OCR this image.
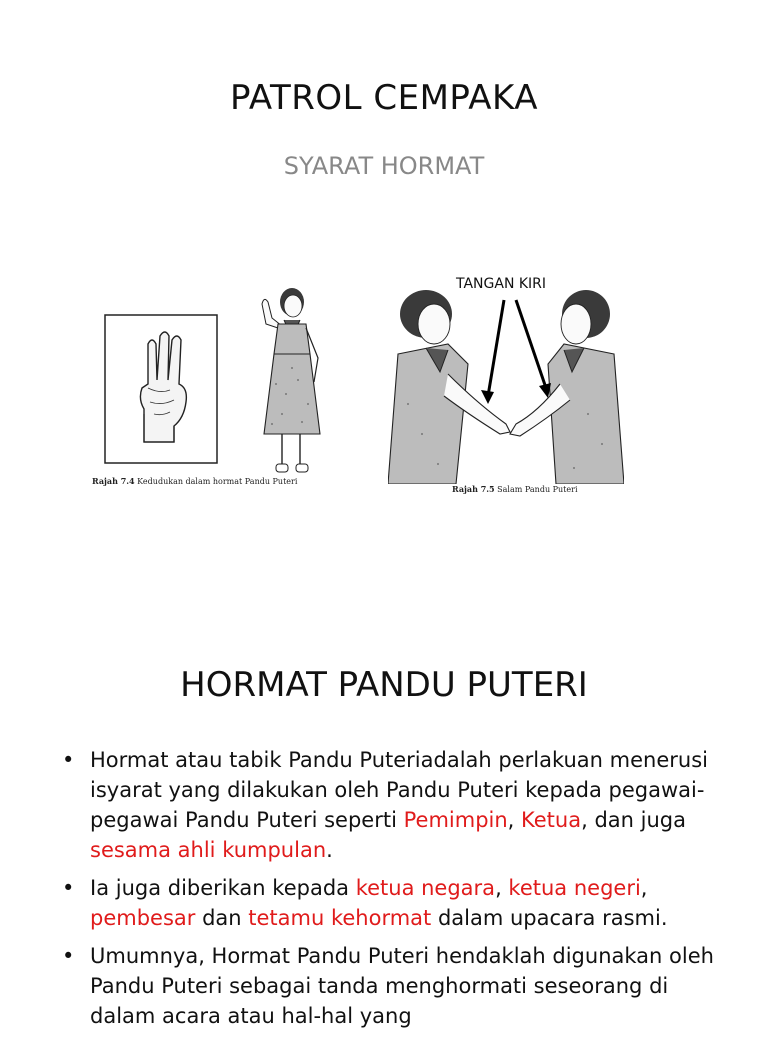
PATROL CEMPAKA
SYARAT HORMAT
Rajah 7.4 Kedudukan dalam hormat Pandu Puteri
TANGAN KIRI
Rajah 7.5 Salam Pandu Puteri
HORMAT PANDU PUTERI
• Hormat atau tabik Pandu Puteriadalah perlakuan menerusi isyarat yang dilakukan oleh Pandu Puteri kepada pegawai-pegawai Pandu Puteri seperti Pemimpin, Ketua, dan juga sesama ahli kumpulan.
• Ia juga diberikan kepada ketua negara, ketua negeri, pembesar dan tetamu kehormat dalam upacara rasmi.
• Umumnya, Hormat Pandu Puteri hendaklah digunakan oleh Pandu Puteri sebagai tanda menghormati seseorang di dalam acara atau hal-hal yang
